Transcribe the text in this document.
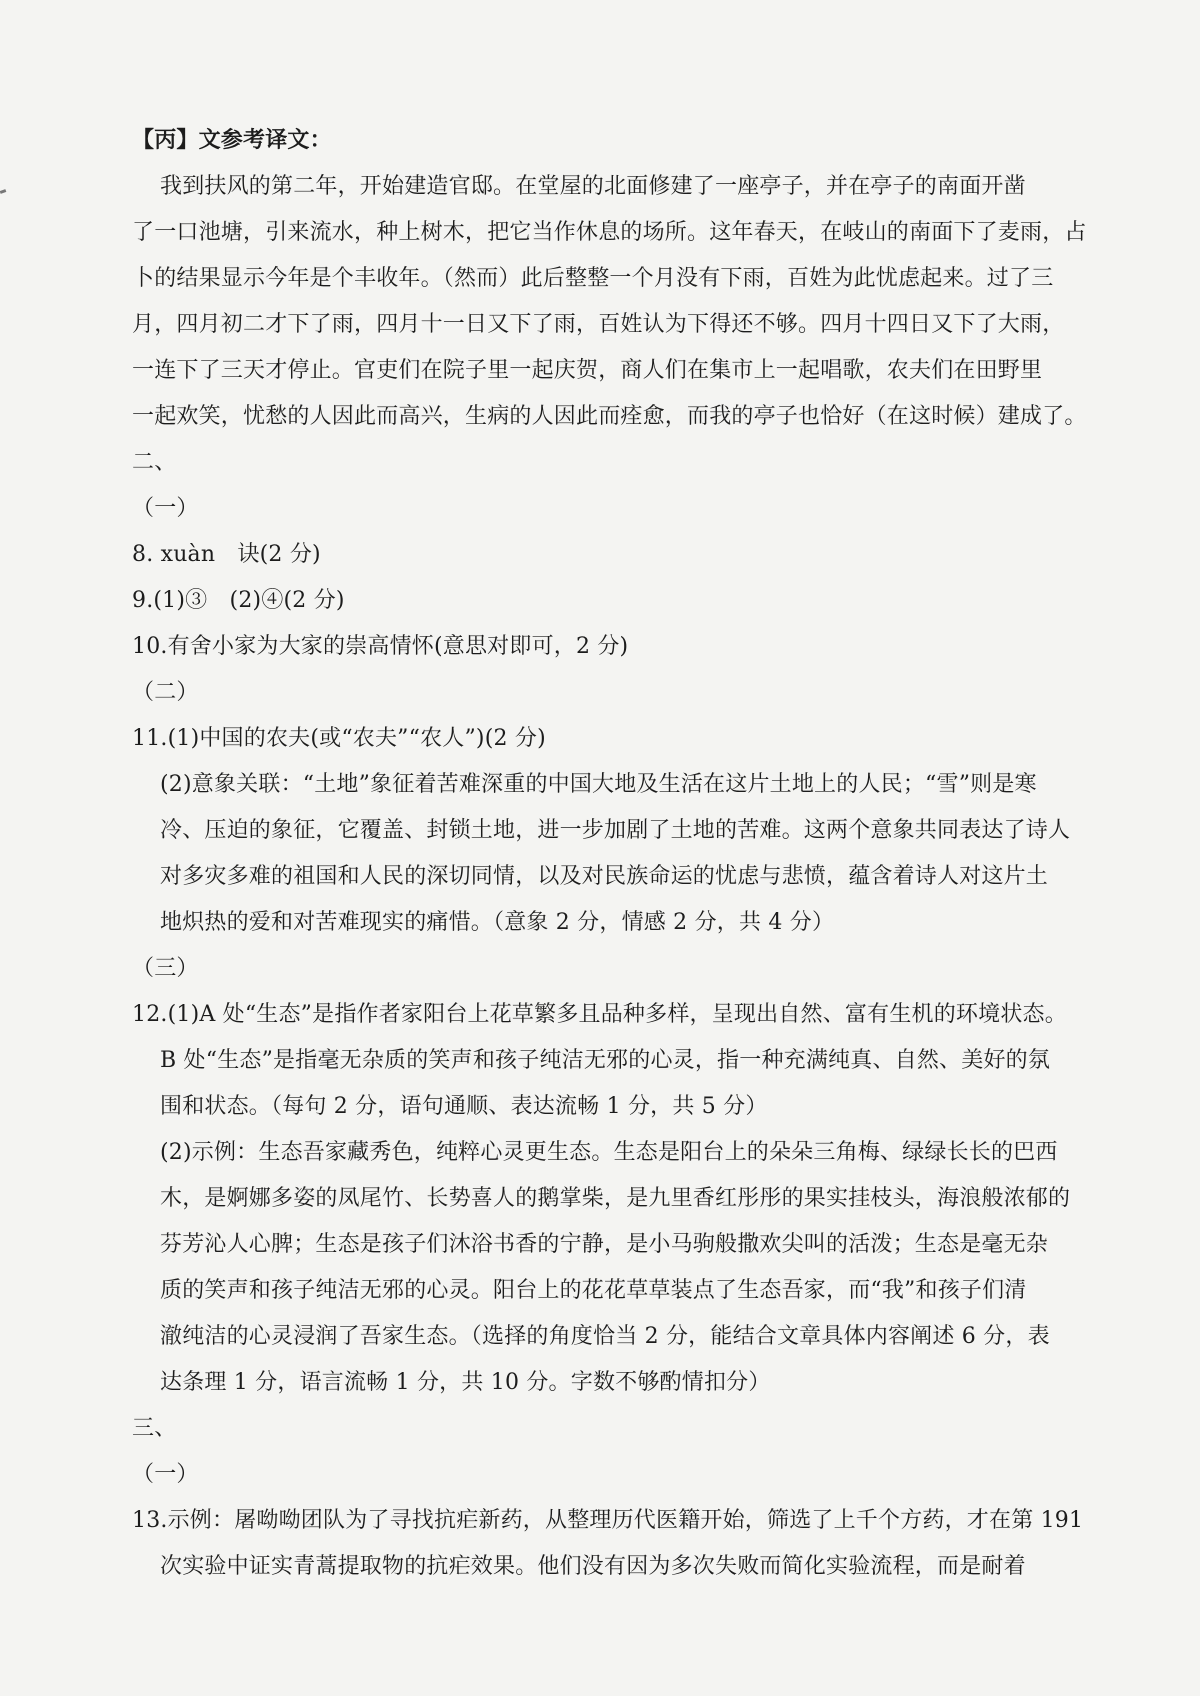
【丙】文参考译文：
我到扶风的第二年，开始建造官邸。在堂屋的北面修建了一座亭子，并在亭子的南面开凿
了一口池塘，引来流水，种上树木，把它当作休息的场所。这年春天，在岐山的南面下了麦雨，占
卜的结果显示今年是个丰收年。（然而）此后整整一个月没有下雨，百姓为此忧虑起来。过了三
月，四月初二才下了雨，四月十一日又下了雨，百姓认为下得还不够。四月十四日又下了大雨，
一连下了三天才停止。官吏们在院子里一起庆贺，商人们在集市上一起唱歌，农夫们在田野里
一起欢笑，忧愁的人因此而高兴，生病的人因此而痊愈，而我的亭子也恰好（在这时候）建成了。
二、
（一）
8. xuàn　诀(2 分)
9.(1)③　(2)④(2 分)
10.有舍小家为大家的崇高情怀(意思对即可，2 分)
（二）
11.(1)中国的农夫(或“农夫”“农人”)(2 分)
(2)意象关联：“土地”象征着苦难深重的中国大地及生活在这片土地上的人民；“雪”则是寒
冷、压迫的象征，它覆盖、封锁土地，进一步加剧了土地的苦难。这两个意象共同表达了诗人
对多灾多难的祖国和人民的深切同情，以及对民族命运的忧虑与悲愤，蕴含着诗人对这片土
地炽热的爱和对苦难现实的痛惜。（意象 2 分，情感 2 分，共 4 分）
（三）
12.(1)A 处“生态”是指作者家阳台上花草繁多且品种多样，呈现出自然、富有生机的环境状态。
B 处“生态”是指毫无杂质的笑声和孩子纯洁无邪的心灵，指一种充满纯真、自然、美好的氛
围和状态。（每句 2 分，语句通顺、表达流畅 1 分，共 5 分）
(2)示例：生态吾家藏秀色，纯粹心灵更生态。生态是阳台上的朵朵三角梅、绿绿长长的巴西
木，是婀娜多姿的凤尾竹、长势喜人的鹅掌柴，是九里香红彤彤的果实挂枝头，海浪般浓郁的
芬芳沁人心脾；生态是孩子们沐浴书香的宁静，是小马驹般撒欢尖叫的活泼；生态是毫无杂
质的笑声和孩子纯洁无邪的心灵。阳台上的花花草草装点了生态吾家，而“我”和孩子们清
澈纯洁的心灵浸润了吾家生态。（选择的角度恰当 2 分，能结合文章具体内容阐述 6 分，表
达条理 1 分，语言流畅 1 分，共 10 分。字数不够酌情扣分）
三、
（一）
13.示例：屠呦呦团队为了寻找抗疟新药，从整理历代医籍开始，筛选了上千个方药，才在第 191
次实验中证实青蒿提取物的抗疟效果。他们没有因为多次失败而简化实验流程，而是耐着
